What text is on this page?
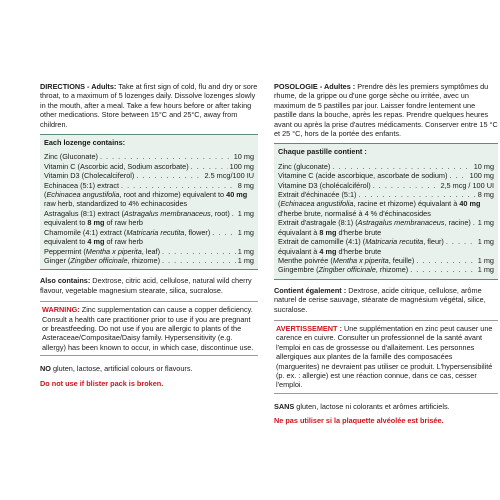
DIRECTIONS - Adults: Take at first sign of cold, flu and dry or sore throat, to a maximum of 5 lozenges daily. Dissolve lozenges slowly in the mouth, after a meal. Take a few hours before or after taking other medications. Store between 15°C and 25°C, away from children.

Each lozenge contains:
Zinc (Gluconate) . . .	10 mg
Vitamin C (Ascorbic acid, Sodium ascorbate) . . .	100 mg
Vitamin D3 (Cholecalciferol) . . .	2.5 mcg/100 IU
Echinacea (5:1) extract . . .	8 mg
(Echinacea angustifolia, root and rhizome) equivalent to 40 mg
raw herb, standardized to 4% echinacosides
Astragalus (8:1) extract (Astragalus membranaceus, root) . . . 1 mg
equivalent to 8 mg of raw herb
Chamomile (4:1) extract (Matricaria recutita, flower) . . .	1 mg
equivalent to 4 mg of raw herb
Peppermint (Mentha x piperita, leaf) . . .	1 mg
Ginger (Zingiber officinale, rhizome) . . .	1 mg

Also contains: Dextrose, citric acid, cellulose, natural wild cherry flavour, vegetable magnesium stearate, silica, sucralose.

WARNING: Zinc supplementation can cause a copper deficiency. Consult a health care practitioner prior to use if you are pregnant or breastfeeding. Do not use if you are allergic to plants of the Asteraceae/Compositae/Daisy family. Hypersensitivity (e.g. allergy) has been known to occur, in which case, discontinue use.

NO gluten, lactose, artificial colours or flavours.

Do not use if blister pack is broken.

POSOLOGIE - Adultes : Prendre dès les premiers symptômes du rhume, de la grippe ou d'une gorge sèche ou irritée, avec un maximum de 5 pastilles par jour. Laisser fondre lentement une pastille dans la bouche, après les repas. Prendre quelques heures avant ou après la prise d'autres médicaments. Conserver entre 15 °C et 25 °C, hors de la portée des enfants.

Chaque pastille contient :
Zinc (gluconate) . . .	10 mg
Vitamine C (acide ascorbique, ascorbate de sodium) . . .	100 mg
Vitamine D3 (cholécalciférol) . . .	2,5 mcg / 100 UI
Extrait d'échinacée (5:1) . . .	8 mg
(Echinacea angustifolia, racine et rhizome) équivalant à 40 mg
d'herbe brute, normalisé à 4 % d'échinacosides
Extrait d'astragale (8:1) (Astragalus membranaceus, racine) . . . 1 mg
équivalant à 8 mg d'herbe brute
Extrait de camomille (4:1) (Matricaria recutita, fleur) . . .	1 mg
équivalant à 4 mg d'herbe brute
Menthe poivrée (Mentha x piperita, feuille) . . .	1 mg
Gingembre (Zingiber officinale, rhizome) . . .	1 mg

Contient également : Dextrose, acide citrique, cellulose, arôme naturel de cerise sauvage, stéarate de magnésium végétal, silice, sucralose.

AVERTISSEMENT : Une supplémentation en zinc peut causer une carence en cuivre. Consulter un professionnel de la santé avant l'emploi en cas de grossesse ou d'allaitement. Les personnes allergiques aux plantes de la famille des composacées (marguerites) ne devraient pas utiliser ce produit. L'hypersensibilité (p. ex. : allergie) est une réaction connue, dans ce cas, cesser l'emploi.

SANS gluten, lactose ni colorants et arômes artificiels.

Ne pas utiliser si la plaquette alvéolée est brisée.
